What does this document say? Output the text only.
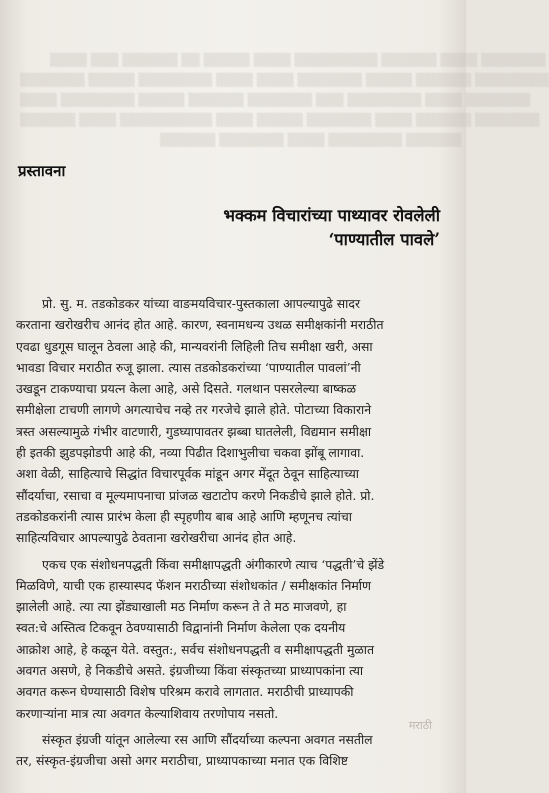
▒▒▒▒ ▒▒▒ ▒▒▒▒▒▒ ▒▒ ▒▒▒▒▒ ▒▒▒▒ ▒▒▒▒▒▒▒▒▒ ▒▒▒▒▒▒ ▒▒▒▒ ▒▒▒▒▒▒▒
▒▒▒▒▒▒▒ ▒▒▒▒▒ ▒▒▒▒▒▒▒▒ ▒▒▒▒ ▒▒▒▒ ▒▒▒▒▒▒▒ ▒▒▒▒▒ ▒▒▒▒▒▒ ▒▒▒▒▒▒▒▒
▒▒▒▒ ▒▒▒▒▒▒▒▒ ▒▒▒▒▒ ▒▒▒▒▒▒ ▒▒▒▒▒▒▒ ▒▒▒ ▒▒▒▒▒▒▒▒ ▒▒▒▒ ▒▒▒▒▒▒▒
▒▒▒▒▒▒ ▒▒▒▒ ▒▒▒▒▒▒▒▒▒▒ ▒▒▒▒ ▒▒▒▒▒ ▒▒▒▒▒▒▒ ▒▒▒▒ ▒▒▒▒▒▒ ▒▒▒▒▒▒▒
▒▒▒▒▒▒ ▒▒▒▒▒▒▒ ▒▒▒▒ ▒▒▒▒▒▒▒▒ ▒▒▒▒▒▒
प्रस्तावना
भक्कम विचारांच्या पाथ्यावर रोवलेली
‘पाण्यातील पावले’
प्रो. सु. म. तडकोडकर यांच्या वाङमयविचार-पुस्तकाला आपल्यापुढे सादर
करताना खरोखरीच आनंद होत आहे. कारण, स्वनामधन्य उथळ समीक्षकांनी मराठीत
एवढा धुडगूस घालून ठेवला आहे की, मान्यवरांनी लिहिली तिच समीक्षा खरी, असा
भावडा विचार मराठीत रुजू झाला. त्यास तडकोडकरांच्या ‘पाण्यातील पावलां’नी
उखडून टाकण्याचा प्रयत्न केला आहे, असे दिसते. गलथान पसरलेल्या बाष्कळ
समीक्षेला टाचणी लागणे अगत्याचेच नव्हे तर गरजेचे झाले होते. पोटाच्या विकाराने
त्रस्त असल्यामुळे गंभीर वाटणारी, गुडघ्यापावतर झब्बा घातलेली, विद्यमान समीक्षा
ही इतकी झुडपझोडपी आहे की, नव्या पिढीत दिशाभुलीचा चकवा झोंबू लागावा.
अशा वेळी, साहित्याचे सिद्धांत विचारपूर्वक मांडून अगर मेंदूत ठेवून साहित्याच्या
सौंदर्याचा, रसाचा व मूल्यमापनाचा प्रांजळ खटाटोप करणे निकडीचे झाले होते. प्रो.
तडकोडकरांनी त्यास प्रारंभ केला ही स्पृहणीय बाब आहे आणि म्हणूनच त्यांचा
साहित्यविचार आपल्यापुढे ठेवताना खरोखरीचा आनंद होत आहे.
एकच एक संशोधनपद्धती किंवा समीक्षापद्धती अंगीकारणे त्याच ‘पद्धती’चे झेंडे
मिळविणे, याची एक हास्यास्पद फॅशन मराठीच्या संशोधकांत / समीक्षकांत निर्माण
झालेली आहे. त्या त्या झेंड्याखाली मठ निर्माण करून ते ते मठ माजवणे, हा
स्वत:चे अस्तित्व टिकवून ठेवण्यासाठी विद्वानांनी निर्माण केलेला एक दयनीय
आक्रोश आहे, हे कळून येते. वस्तुत:, सर्वच संशोधनपद्धती व समीक्षापद्धती मुळात
अवगत असणे, हे निकडीचे असते. इंग्रजीच्या किंवा संस्कृतच्या प्राध्यापकांना त्या
अवगत करून घेण्यासाठी विशेष परिश्रम करावे लागतात. मराठीची प्राध्यापकी
करणाऱ्यांना मात्र त्या अवगत केल्याशिवाय तरणोपाय नसतो.
संस्कृत इंग्रजी यांतून आलेल्या रस आणि सौंदर्याच्या कल्पना अवगत नसतील
तर, संस्कृत-इंग्रजीचा असो अगर मराठीचा, प्राध्यापकाच्या मनात एक विशिष्ट
मराठी
